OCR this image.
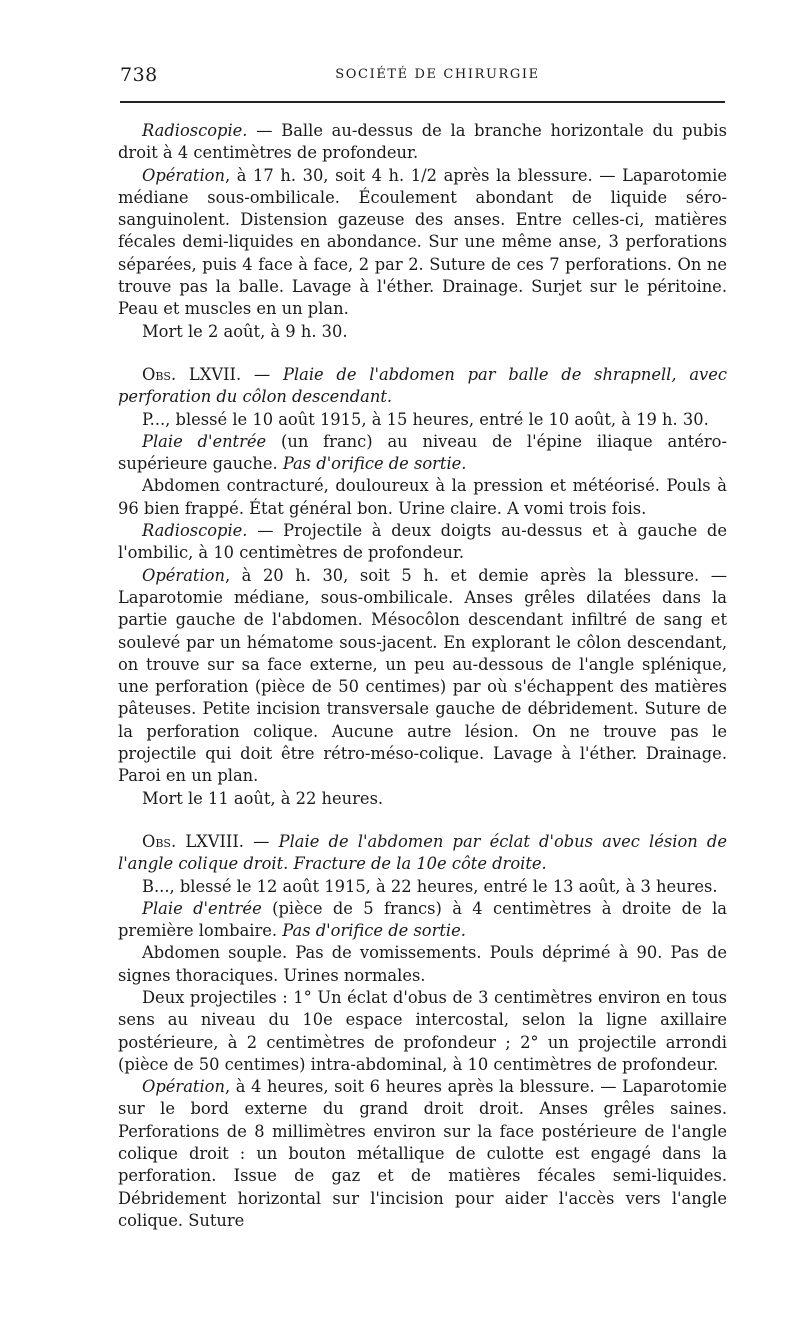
738	SOCIÉTÉ DE CHIRURGIE

Radioscopie. — Balle au-dessus de la branche horizontale du pubis droit à 4 centimètres de profondeur.

Opération, à 17 h. 30, soit 4 h. 1/2 après la blessure. — Laparotomie médiane sous-ombilicale. Écoulement abondant de liquide séro-sanguinolent. Distension gazeuse des anses. Entre celles-ci, matières fécales demi-liquides en abondance. Sur une même anse, 3 perforations séparées, puis 4 face à face, 2 par 2. Suture de ces 7 perforations. On ne trouve pas la balle. Lavage à l'éther. Drainage. Surjet sur le péritoine. Peau et muscles en un plan.

Mort le 2 août, à 9 h. 30.

Obs. LXVII. — Plaie de l'abdomen par balle de shrapnell, avec perforation du côlon descendant.

P..., blessé le 10 août 1915, à 15 heures, entré le 10 août, à 19 h. 30.

Plaie d'entrée (un franc) au niveau de l'épine iliaque antéro-supérieure gauche. Pas d'orifice de sortie.

Abdomen contracturé, douloureux à la pression et météorisé. Pouls à 96 bien frappé. État général bon. Urine claire. A vomi trois fois.

Radioscopie. — Projectile à deux doigts au-dessus et à gauche de l'ombilic, à 10 centimètres de profondeur.

Opération, à 20 h. 30, soit 5 h. et demie après la blessure. — Laparotomie médiane, sous-ombilicale. Anses grêles dilatées dans la partie gauche de l'abdomen. Mésocôlon descendant infiltré de sang et soulevé par un hématome sous-jacent. En explorant le côlon descendant, on trouve sur sa face externe, un peu au-dessous de l'angle splénique, une perforation (pièce de 50 centimes) par où s'échappent des matières pâteuses. Petite incision transversale gauche de débridement. Suture de la perforation colique. Aucune autre lésion. On ne trouve pas le projectile qui doit être rétro-méso-colique. Lavage à l'éther. Drainage. Paroi en un plan.

Mort le 11 août, à 22 heures.

Obs. LXVIII. — Plaie de l'abdomen par éclat d'obus avec lésion de l'angle colique droit. Fracture de la 10e côte droite.

B..., blessé le 12 août 1915, à 22 heures, entré le 13 août, à 3 heures.

Plaie d'entrée (pièce de 5 francs) à 4 centimètres à droite de la première lombaire. Pas d'orifice de sortie.

Abdomen souple. Pas de vomissements. Pouls déprimé à 90. Pas de signes thoraciques. Urines normales.

Deux projectiles : 1° Un éclat d'obus de 3 centimètres environ en tous sens au niveau du 10e espace intercostal, selon la ligne axillaire postérieure, à 2 centimètres de profondeur ; 2° un projectile arrondi (pièce de 50 centimes) intra-abdominal, à 10 centimètres de profondeur.

Opération, à 4 heures, soit 6 heures après la blessure. — Laparotomie sur le bord externe du grand droit droit. Anses grêles saines. Perforations de 8 millimètres environ sur la face postérieure de l'angle colique droit : un bouton métallique de culotte est engagé dans la perforation. Issue de gaz et de matières fécales semi-liquides. Débridement horizontal sur l'incision pour aider l'accès vers l'angle colique. Suture
